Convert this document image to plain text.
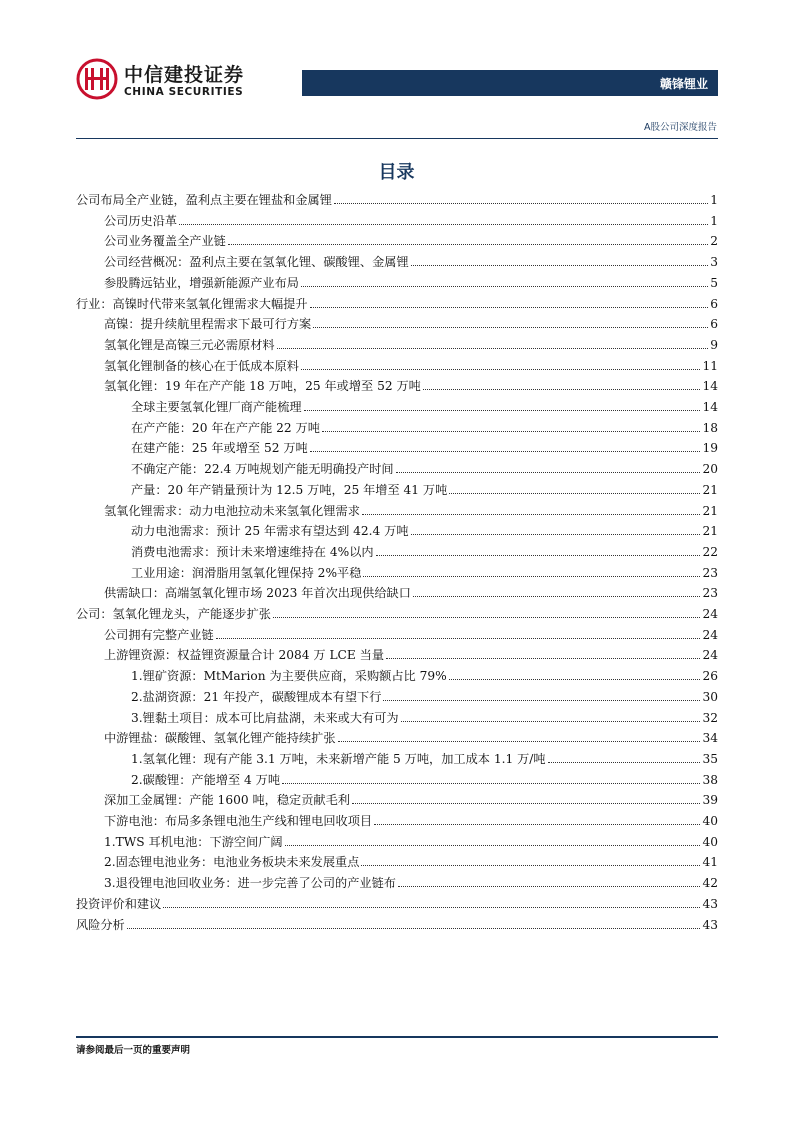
中信建投证券
CHINA SECURITIES
赣锋锂业
A股公司深度报告
目录
公司布局全产业链，盈利点主要在锂盐和金属锂	1
公司历史沿革	1
公司业务覆盖全产业链	2
公司经营概况：盈利点主要在氢氧化锂、碳酸锂、金属锂	3
参股腾远钴业，增强新能源产业布局	5
行业：高镍时代带来氢氧化锂需求大幅提升	6
高镍：提升续航里程需求下最可行方案	6
氢氧化锂是高镍三元必需原材料	9
氢氧化锂制备的核心在于低成本原料	11
氢氧化锂：19 年在产产能 18 万吨，25 年或增至 52 万吨	14
全球主要氢氧化锂厂商产能梳理	14
在产产能：20 年在产产能 22 万吨	18
在建产能：25 年或增至 52 万吨	19
不确定产能：22.4 万吨规划产能无明确投产时间	20
产量：20 年产销量预计为 12.5 万吨，25 年增至 41 万吨	21
氢氧化锂需求：动力电池拉动未来氢氧化锂需求	21
动力电池需求：预计 25 年需求有望达到 42.4 万吨	21
消费电池需求：预计未来增速维持在 4%以内	22
工业用途：润滑脂用氢氧化锂保持 2%平稳	23
供需缺口：高端氢氧化锂市场 2023 年首次出现供给缺口	23
公司：氢氧化锂龙头，产能逐步扩张	24
公司拥有完整产业链	24
上游锂资源：权益锂资源量合计 2084 万 LCE 当量	24
1.锂矿资源：MtMarion 为主要供应商，采购额占比 79%	26
2.盐湖资源：21 年投产，碳酸锂成本有望下行	30
3.锂黏土项目：成本可比肩盐湖，未来或大有可为	32
中游锂盐：碳酸锂、氢氧化锂产能持续扩张	34
1.氢氧化锂：现有产能 3.1 万吨，未来新增产能 5 万吨，加工成本 1.1 万/吨	35
2.碳酸锂：产能增至 4 万吨	38
深加工金属锂：产能 1600 吨，稳定贡献毛利	39
下游电池：布局多条锂电池生产线和锂电回收项目	40
1.TWS 耳机电池：下游空间广阔	40
2.固态锂电池业务：电池业务板块未来发展重点	41
3.退役锂电池回收业务：进一步完善了公司的产业链布	42
投资评价和建议	43
风险分析	43
请参阅最后一页的重要声明
